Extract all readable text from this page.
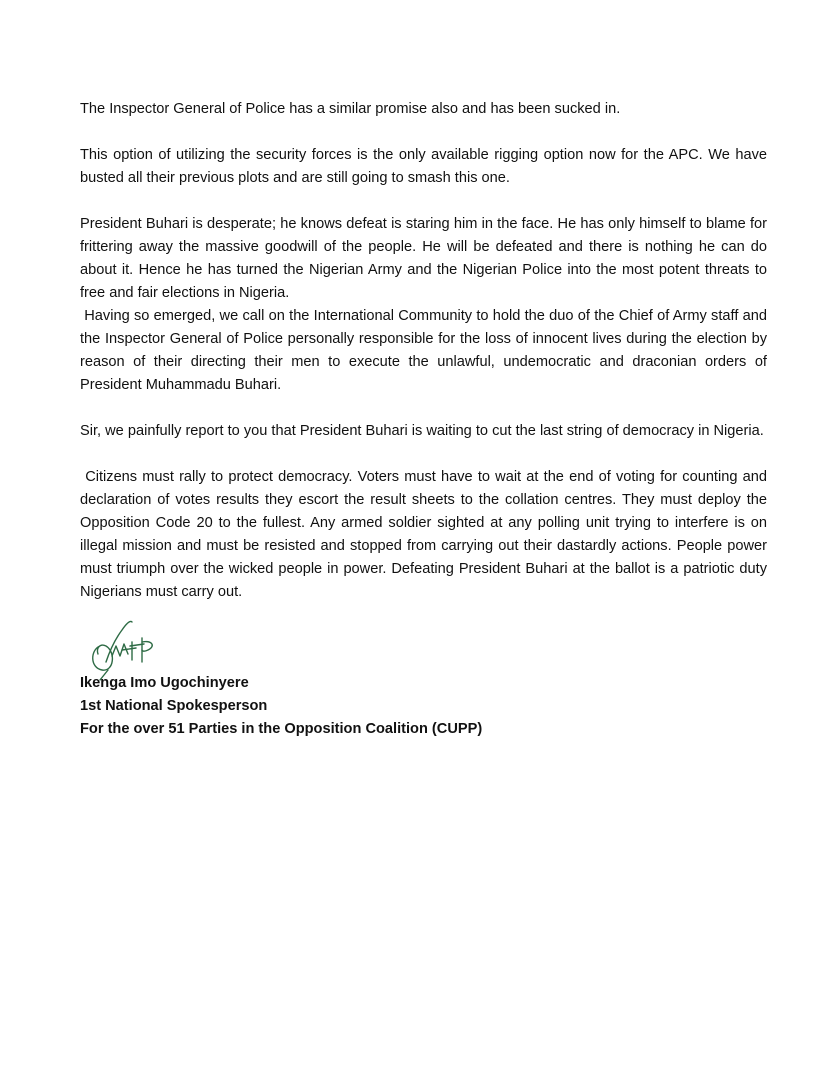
The Inspector General of Police has a similar promise also and has been sucked in.

This option of utilizing the security forces is the only available rigging option now for the APC. We have busted all their previous plots and are still going to smash this one.

President Buhari is desperate; he knows defeat is staring him in the face. He has only himself to blame for frittering away the massive goodwill of the people. He will be defeated and there is nothing he can do about it. Hence he has turned the Nigerian Army and the Nigerian Police into the most potent threats to free and fair elections in Nigeria.

Having so emerged, we call on the International Community to hold the duo of the Chief of Army staff and the Inspector General of Police personally responsible for the loss of innocent lives during the election by reason of their directing their men to execute the unlawful, undemocratic and draconian orders of President Muhammadu Buhari.

Sir, we painfully report to you that President Buhari is waiting to cut the last string of democracy in Nigeria.

Citizens must rally to protect democracy. Voters must have to wait at the end of voting for counting and declaration of votes results they escort the result sheets to the collation centres. They must deploy the Opposition Code 20 to the fullest. Any armed soldier sighted at any polling unit trying to interfere is on illegal mission and must be resisted and stopped from carrying out their dastardly actions. People power must triumph over the wicked people in power. Defeating President Buhari at the ballot is a patriotic duty Nigerians must carry out.

Ikenga Imo Ugochinyere
1st National Spokesperson
For the over 51 Parties in the Opposition Coalition (CUPP)
